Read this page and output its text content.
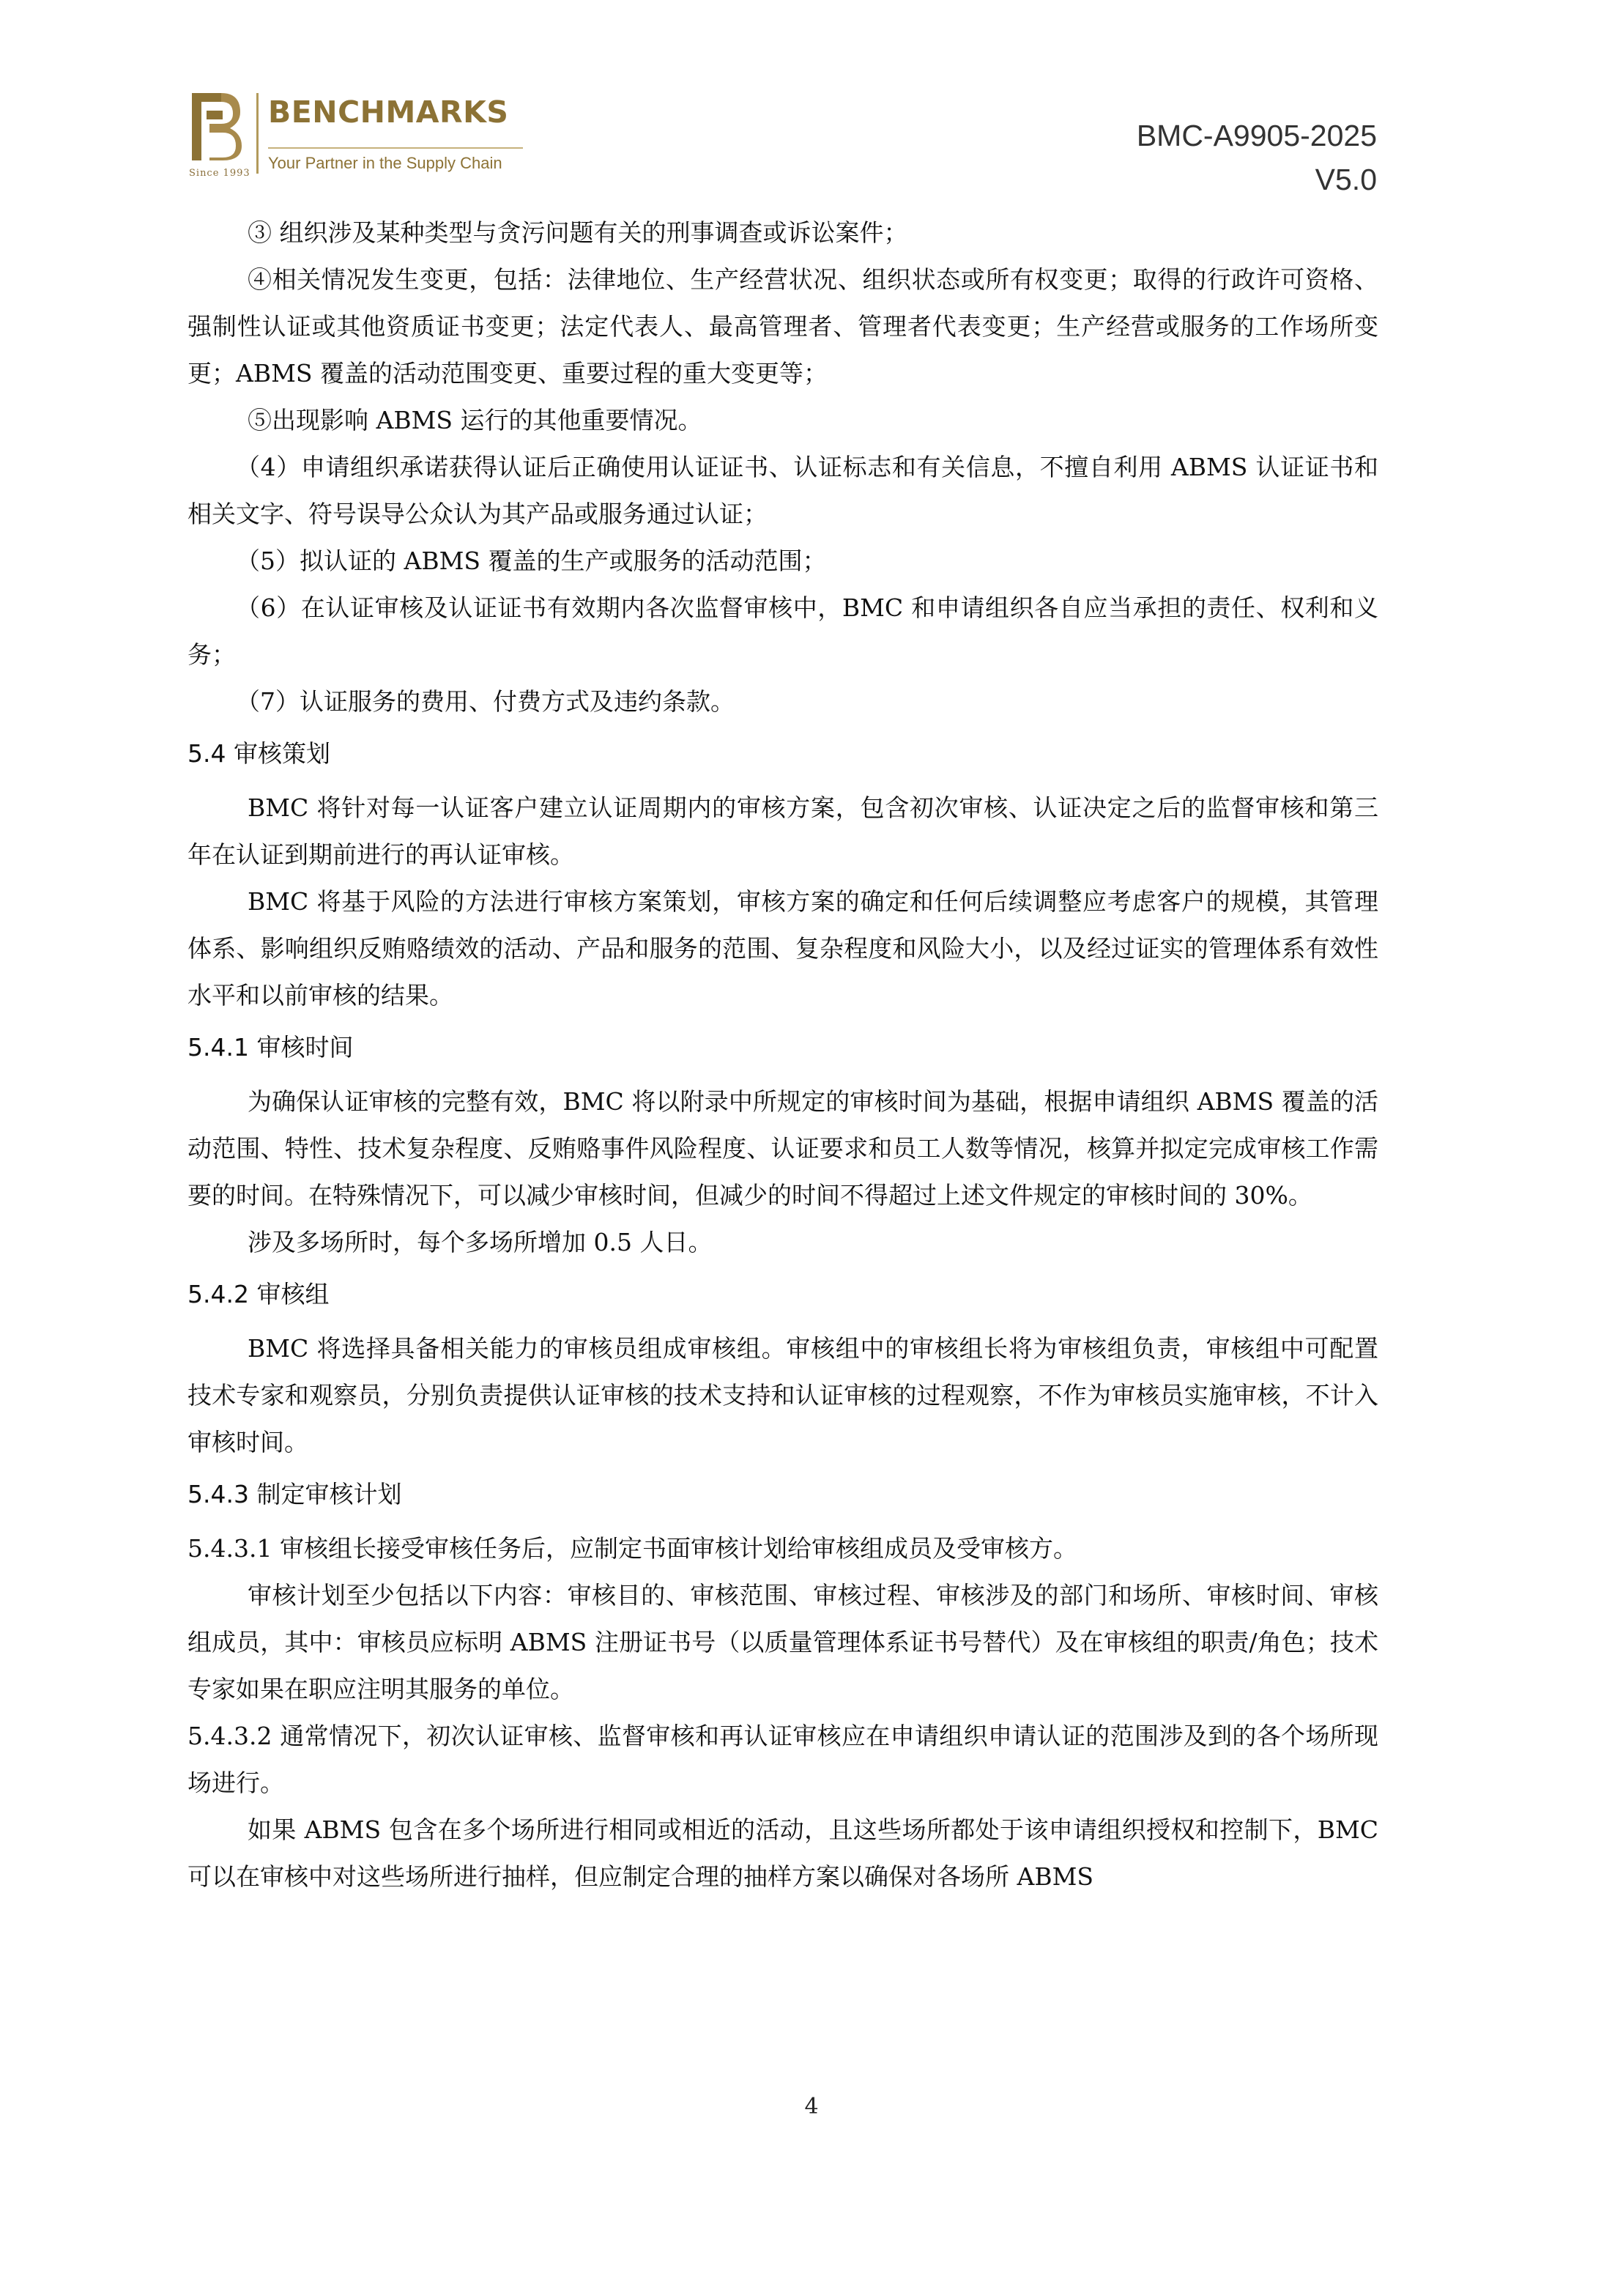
Since 1993
BENCHMARKS
Your Partner in the Supply Chain
BMC-A9905-2025
V5.0

③ 组织涉及某种类型与贪污问题有关的刑事调查或诉讼案件；

④相关情况发生变更，包括：法律地位、生产经营状况、组织状态或所有权变更；取得的行政许可资格、强制性认证或其他资质证书变更；法定代表人、最高管理者、管理者代表变更；生产经营或服务的工作场所变更；ABMS 覆盖的活动范围变更、重要过程的重大变更等；

⑤出现影响 ABMS 运行的其他重要情况。

（4）申请组织承诺获得认证后正确使用认证证书、认证标志和有关信息，不擅自利用 ABMS 认证证书和相关文字、符号误导公众认为其产品或服务通过认证；

（5）拟认证的 ABMS 覆盖的生产或服务的活动范围；

（6）在认证审核及认证证书有效期内各次监督审核中，BMC 和申请组织各自应当承担的责任、权利和义务；

（7）认证服务的费用、付费方式及违约条款。

5.4 审核策划

BMC 将针对每一认证客户建立认证周期内的审核方案，包含初次审核、认证决定之后的监督审核和第三年在认证到期前进行的再认证审核。

BMC 将基于风险的方法进行审核方案策划，审核方案的确定和任何后续调整应考虑客户的规模，其管理体系、影响组织反贿赂绩效的活动、产品和服务的范围、复杂程度和风险大小，以及经过证实的管理体系有效性水平和以前审核的结果。

5.4.1 审核时间

为确保认证审核的完整有效，BMC 将以附录中所规定的审核时间为基础，根据申请组织 ABMS 覆盖的活动范围、特性、技术复杂程度、反贿赂事件风险程度、认证要求和员工人数等情况，核算并拟定完成审核工作需要的时间。在特殊情况下，可以减少审核时间，但减少的时间不得超过上述文件规定的审核时间的 30%。

涉及多场所时，每个多场所增加 0.5 人日。

5.4.2 审核组

BMC 将选择具备相关能力的审核员组成审核组。审核组中的审核组长将为审核组负责，审核组中可配置技术专家和观察员，分别负责提供认证审核的技术支持和认证审核的过程观察，不作为审核员实施审核，不计入审核时间。

5.4.3 制定审核计划

5.4.3.1 审核组长接受审核任务后，应制定书面审核计划给审核组成员及受审核方。

审核计划至少包括以下内容：审核目的、审核范围、审核过程、审核涉及的部门和场所、审核时间、审核组成员，其中：审核员应标明 ABMS 注册证书号（以质量管理体系证书号替代）及在审核组的职责/角色；技术专家如果在职应注明其服务的单位。

5.4.3.2 通常情况下，初次认证审核、监督审核和再认证审核应在申请组织申请认证的范围涉及到的各个场所现场进行。

如果 ABMS 包含在多个场所进行相同或相近的活动，且这些场所都处于该申请组织授权和控制下，BMC 可以在审核中对这些场所进行抽样，但应制定合理的抽样方案以确保对各场所 ABMS

4
